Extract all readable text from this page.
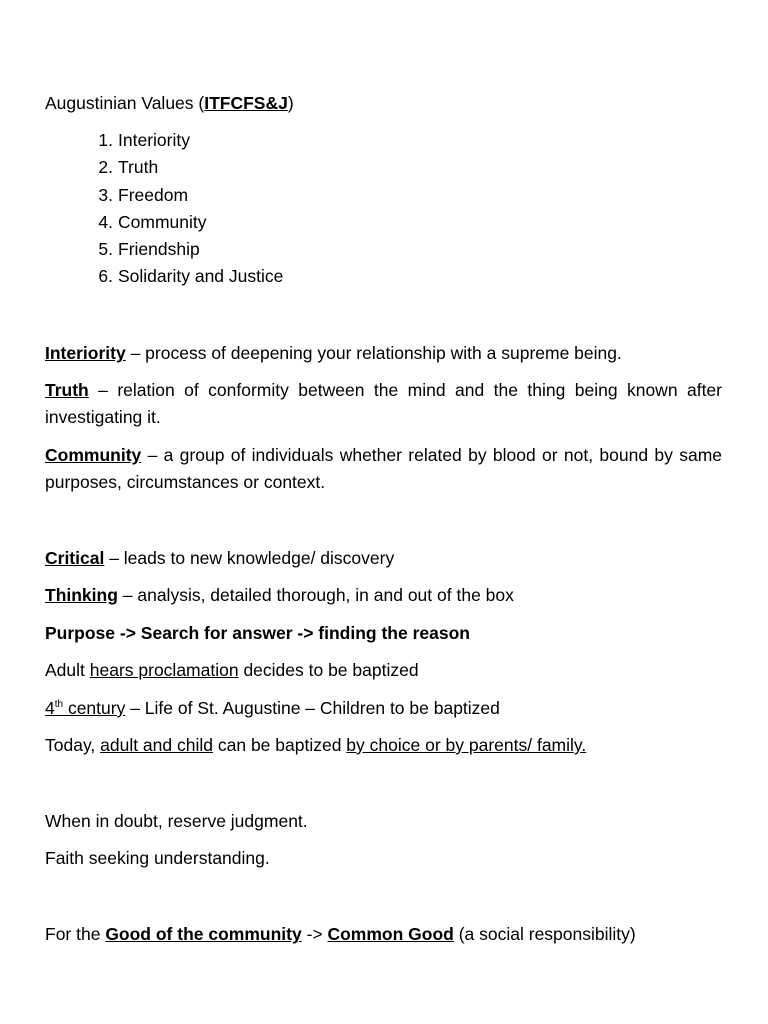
Augustinian Values (ITFCFS&J)
1. Interiority
2. Truth
3. Freedom
4. Community
5. Friendship
6. Solidarity and Justice
Interiority – process of deepening your relationship with a supreme being.
Truth – relation of conformity between the mind and the thing being known after investigating it.
Community – a group of individuals whether related by blood or not, bound by same purposes, circumstances or context.
Critical – leads to new knowledge/ discovery
Thinking – analysis, detailed thorough, in and out of the box
Purpose -> Search for answer -> finding the reason
Adult hears proclamation decides to be baptized
4th century – Life of St. Augustine – Children to be baptized
Today, adult and child can be baptized by choice or by parents/ family.
When in doubt, reserve judgment.
Faith seeking understanding.
For the Good of the community -> Common Good (a social responsibility)
